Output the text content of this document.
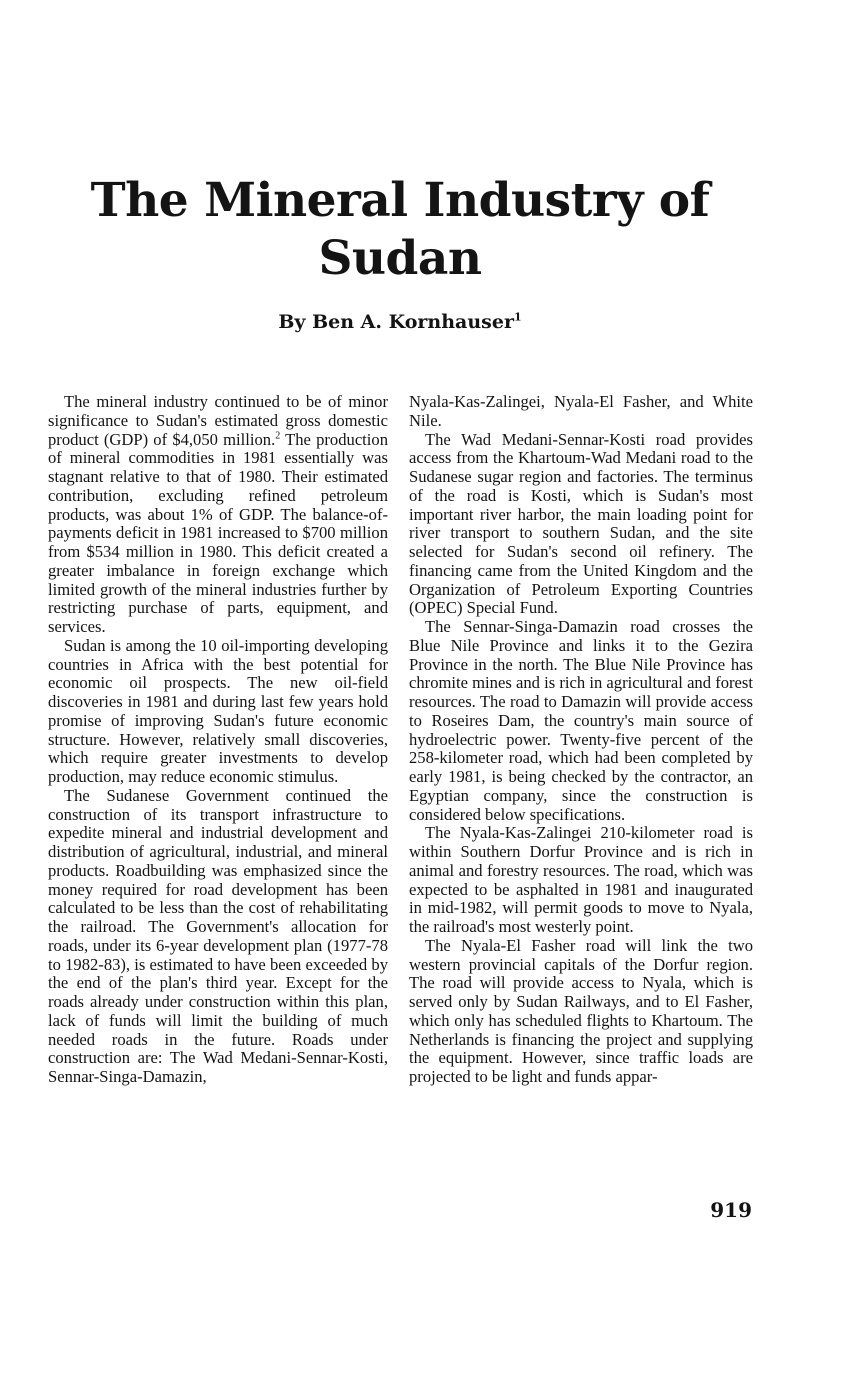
The Mineral Industry of
Sudan
By Ben A. Kornhauser$^1$

The mineral industry continued to be of minor significance to Sudan's estimated gross domestic product (GDP) of $4,050 million.$^2$ The production of mineral commodities in 1981 essentially was stagnant relative to that of 1980. Their estimated contribution, excluding refined petroleum products, was about 1% of GDP. The balance-of-payments deficit in 1981 increased to $700 million from $534 million in 1980. This deficit created a greater imbalance in foreign exchange which limited growth of the mineral industries further by restricting purchase of parts, equipment, and services.

Sudan is among the 10 oil-importing developing countries in Africa with the best potential for economic oil prospects. The new oil-field discoveries in 1981 and during last few years hold promise of improving Sudan's future economic structure. However, relatively small discoveries, which require greater investments to develop production, may reduce economic stimulus.

The Sudanese Government continued the construction of its transport infrastructure to expedite mineral and industrial development and distribution of agricultural, industrial, and mineral products. Roadbuilding was emphasized since the money required for road development has been calculated to be less than the cost of rehabilitating the railroad. The Government's allocation for roads, under its 6-year development plan (1977-78 to 1982-83), is estimated to have been exceeded by the end of the plan's third year. Except for the roads already under construction within this plan, lack of funds will limit the building of much needed roads in the future. Roads under construction are: The Wad Medani-Sennar-Kosti, Sennar-Singa-Damazin,

Nyala-Kas-Zalingei, Nyala-El Fasher, and White Nile.

The Wad Medani-Sennar-Kosti road provides access from the Khartoum-Wad Medani road to the Sudanese sugar region and factories. The terminus of the road is Kosti, which is Sudan's most important river harbor, the main loading point for river transport to southern Sudan, and the site selected for Sudan's second oil refinery. The financing came from the United Kingdom and the Organization of Petroleum Exporting Countries (OPEC) Special Fund.

The Sennar-Singa-Damazin road crosses the Blue Nile Province and links it to the Gezira Province in the north. The Blue Nile Province has chromite mines and is rich in agricultural and forest resources. The road to Damazin will provide access to Roseires Dam, the country's main source of hydroelectric power. Twenty-five percent of the 258-kilometer road, which had been completed by early 1981, is being checked by the contractor, an Egyptian company, since the construction is considered below specifications.

The Nyala-Kas-Zalingei 210-kilometer road is within Southern Dorfur Province and is rich in animal and forestry resources. The road, which was expected to be asphalted in 1981 and inaugurated in mid-1982, will permit goods to move to Nyala, the railroad's most westerly point.

The Nyala-El Fasher road will link the two western provincial capitals of the Dorfur region. The road will provide access to Nyala, which is served only by Sudan Railways, and to El Fasher, which only has scheduled flights to Khartoum. The Netherlands is financing the project and supplying the equipment. However, since traffic loads are projected to be light and funds appar-

919
